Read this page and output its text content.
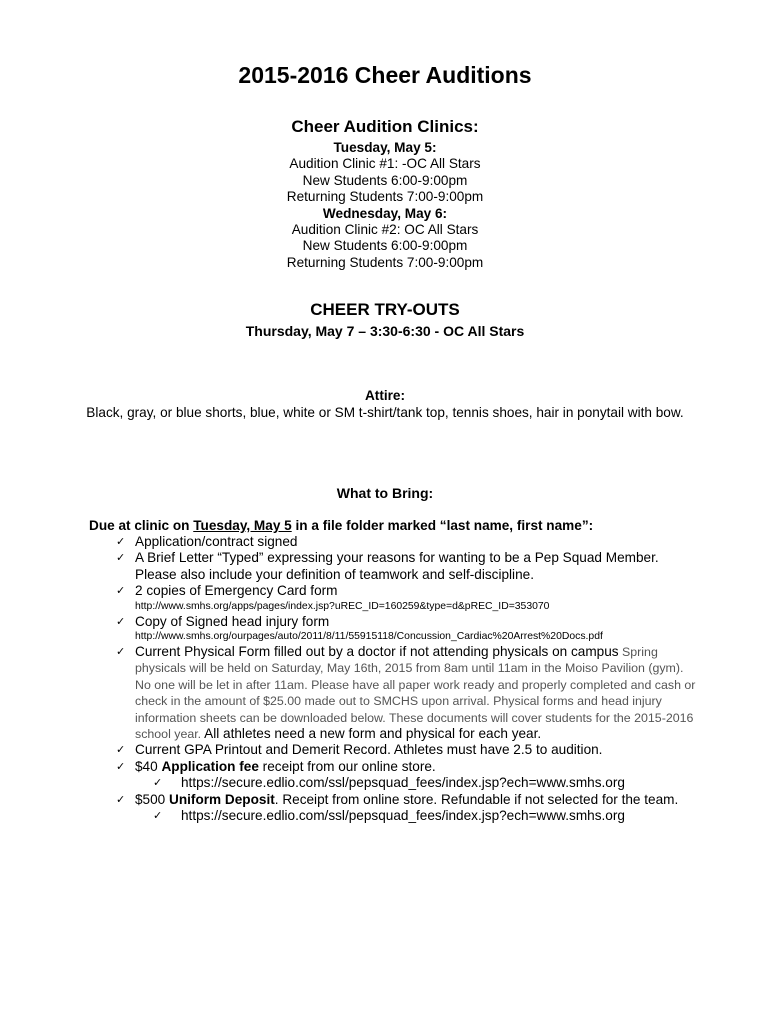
2015-2016 Cheer Auditions
Cheer Audition Clinics:
Tuesday, May 5:
Audition Clinic #1: -OC All Stars
New Students 6:00-9:00pm
Returning Students 7:00-9:00pm
Wednesday, May 6:
Audition Clinic #2: OC All Stars
New Students 6:00-9:00pm
Returning Students 7:00-9:00pm
CHEER TRY-OUTS
Thursday, May 7 – 3:30-6:30 - OC All Stars
Attire:
Black, gray, or blue shorts, blue, white or SM t-shirt/tank top, tennis shoes, hair in ponytail with bow.
What to Bring:
Due at clinic on Tuesday, May 5 in a file folder marked “last name, first name”:
✓ Application/contract signed
✓ A Brief Letter “Typed” expressing your reasons for wanting to be a Pep Squad Member. Please also include your definition of teamwork and self-discipline.
✓ 2 copies of Emergency Card form
http://www.smhs.org/apps/pages/index.jsp?uREC_ID=160259&type=d&pREC_ID=353070
✓ Copy of Signed head injury form
http://www.smhs.org/ourpages/auto/2011/8/11/55915118/Concussion_Cardiac%20Arrest%20Docs.pdf
✓ Current Physical Form filled out by a doctor if not attending physicals on campus Spring physicals will be held on Saturday, May 16th, 2015 from 8am until 11am in the Moiso Pavilion (gym). No one will be let in after 11am. Please have all paper work ready and properly completed and cash or check in the amount of $25.00 made out to SMCHS upon arrival. Physical forms and head injury information sheets can be downloaded below. These documents will cover students for the 2015-2016 school year. All athletes need a new form and physical for each year.
✓ Current GPA Printout and Demerit Record. Athletes must have 2.5 to audition.
✓ $40 Application fee receipt from our online store.
✓ https://secure.edlio.com/ssl/pepsquad_fees/index.jsp?ech=www.smhs.org
✓ $500 Uniform Deposit. Receipt from online store. Refundable if not selected for the team.
✓ https://secure.edlio.com/ssl/pepsquad_fees/index.jsp?ech=www.smhs.org
